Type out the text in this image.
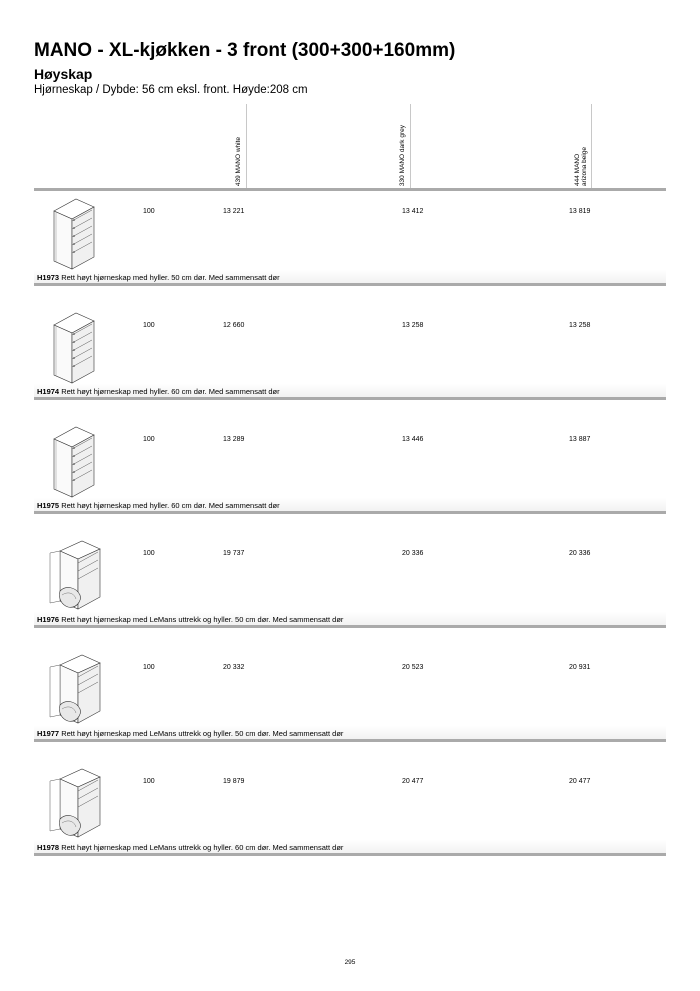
MANO - XL-kjøkken - 3 front (300+300+160mm)
Høyskap

Hjørneskap / Dybde: 56 cm eksl. front. Høyde:208 cm

439 MANO white	330 MANO dark grey	444 MANO arizona beige
100	13 221	13 412	13 819
H1973 Rett høyt hjørneskap med hyller. 50 cm dør. Med sammensatt dør
100	12 660	13 258	13 258
H1974 Rett høyt hjørneskap med hyller. 60 cm dør. Med sammensatt dør
100	13 289	13 446	13 887
H1975 Rett høyt hjørneskap med hyller. 60 cm dør. Med sammensatt dør
100	19 737	20 336	20 336
H1976 Rett høyt hjørneskap med LeMans uttrekk og hyller. 50 cm dør. Med sammensatt dør
100	20 332	20 523	20 931
H1977 Rett høyt hjørneskap med LeMans uttrekk og hyller. 50 cm dør. Med sammensatt dør
100	19 879	20 477	20 477
H1978 Rett høyt hjørneskap med LeMans uttrekk og hyller. 60 cm dør. Med sammensatt dør
295
